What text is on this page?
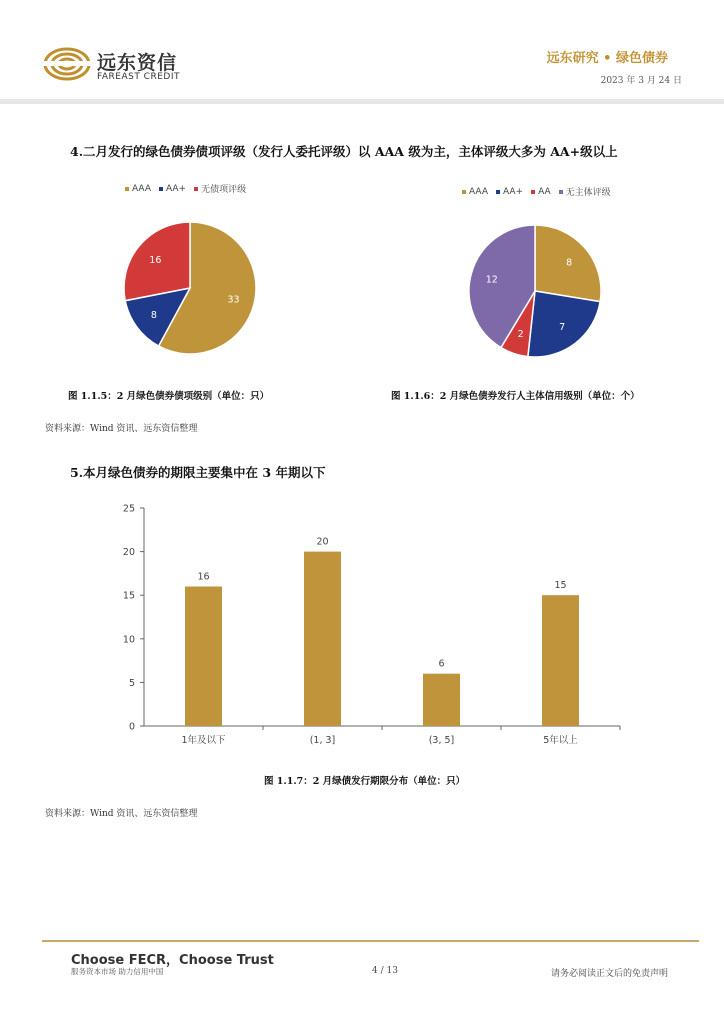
远东资信
FAREAST CREDIT
远东研究 • 绿色债券
2023 年 3 月 24 日
4.二月发行的绿色债券债项评级（发行人委托评级）以 AAA 级为主，主体评级大多为 AA+级以上
AAA AA+ 无债项评级	AAA AA+ AA 无主体评级
33
8
16	8
7
2
12
图 1.1.5：2 月绿色债券债项级别（单位：只）	图 1.1.6：2 月绿色债券发行人主体信用级别（单位：个）
资料来源：Wind 资讯、远东资信整理
5.本月绿色债券的期限主要集中在 3 年期以下
0
5
10
15
20
25
16
1年及以下
20
(1, 3]
6
(3, 5]
15
5年以上
图 1.1.7：2 月绿债发行期限分布（单位：只）
资料来源：Wind 资讯、远东资信整理
Choose FECR，Choose Trust
服务资本市场 助力信用中国	4 / 13	请务必阅读正文后的免责声明
